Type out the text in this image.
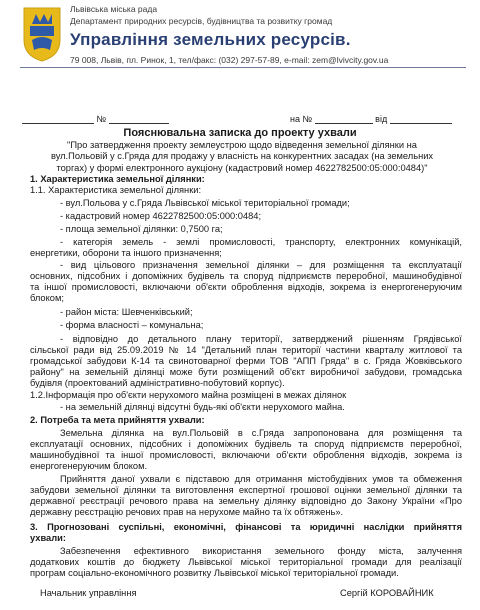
Львівська міська рада
Департамент природних ресурсів, будівництва та розвитку громад
Управління земельних ресурсів.
79 008, Львів, пл. Ринок, 1, тел/факс: (032) 297-57-89, e-mail: zem@lvivcity.gov.ua
№	на №	від
Пояснювальна записка до проекту ухвали
"Про затвердження проекту землеустрою щодо відведення земельної ділянки на
вул.Польовій у с.Гряда для продажу у власність на конкурентних засадах (на земельних
торгах) у формі електронного аукціону (кадастровий номер 4622782500:05:000:0484)"
1. Характеристика земельної ділянки:
1.1. Характеристика земельної ділянки:
- вул.Польова у с.Гряда Львівської міської територіальної громади;
- кадастровий номер 4622782500:05:000:0484;
- площа земельної ділянки: 0,7500 га;
- категорія земель - землі промисловості, транспорту, електронних комунікацій,
енергетики, оборони та іншого призначення;
- вид цільового призначення земельної ділянки – для розміщення та експлуатації
основних, підсобних і допоміжних будівель та споруд підприємств переробної, машинобудівної
та іншої промисловості, включаючи об'єкти оброблення відходів, зокрема із енергогенеруючим
блоком;
- район міста: Шевченківський;
- форма власності – комунальна;
- відповідно до детального плану території, затверджений рішенням Грядівської
сільської ради від 25.09.2019 № 14 "Детальний план території частини кварталу житлової та
громадської забудови К-14 та свинотоварної ферми ТОВ "АПП Гряда" в с. Гряда Жовківського
району" на земельній ділянці може бути розміщений об'єкт виробничої забудови, громадська
будівля (проектований адміністративно-побутовий корпус).
1.2.Інформація про об'єкти нерухомого майна розміщені в межах ділянок
- на земельній ділянці відсутні будь-які об'єкти нерухомого майна.
2. Потреба та мета прийняття ухвали:
Земельна ділянка на вул.Польовій в с.Гряда запропонована для розміщення та
експлуатації основних, підсобних і допоміжних будівель та споруд підприємств переробної,
машинобудівної та іншої промисловості, включаючи об'єкти оброблення відходів, зокрема із
енергогенеруючим блоком.
Прийняття даної ухвали є підставою для отримання містобудівних умов та обмеження
забудови земельної ділянки та виготовлення експертної грошової оцінки земельної ділянки та
державної реєстрації речового права на земельну ділянку відповідно до Закону України «Про
державну реєстрацію речових прав на нерухоме майно та їх обтяжень».
3. Прогнозовані суспільні, економічні, фінансові та юридичні наслідки прийняття
ухвали:
Забезпечення ефективного використання земельного фонду міста, залучення
додаткових коштів до бюджету Львівської міської територіальної громади для реалізації
програм соціально-економічного розвитку Львівської міської територіальної громади.
Начальник управління	Сергій КОРОВАЙНИК
